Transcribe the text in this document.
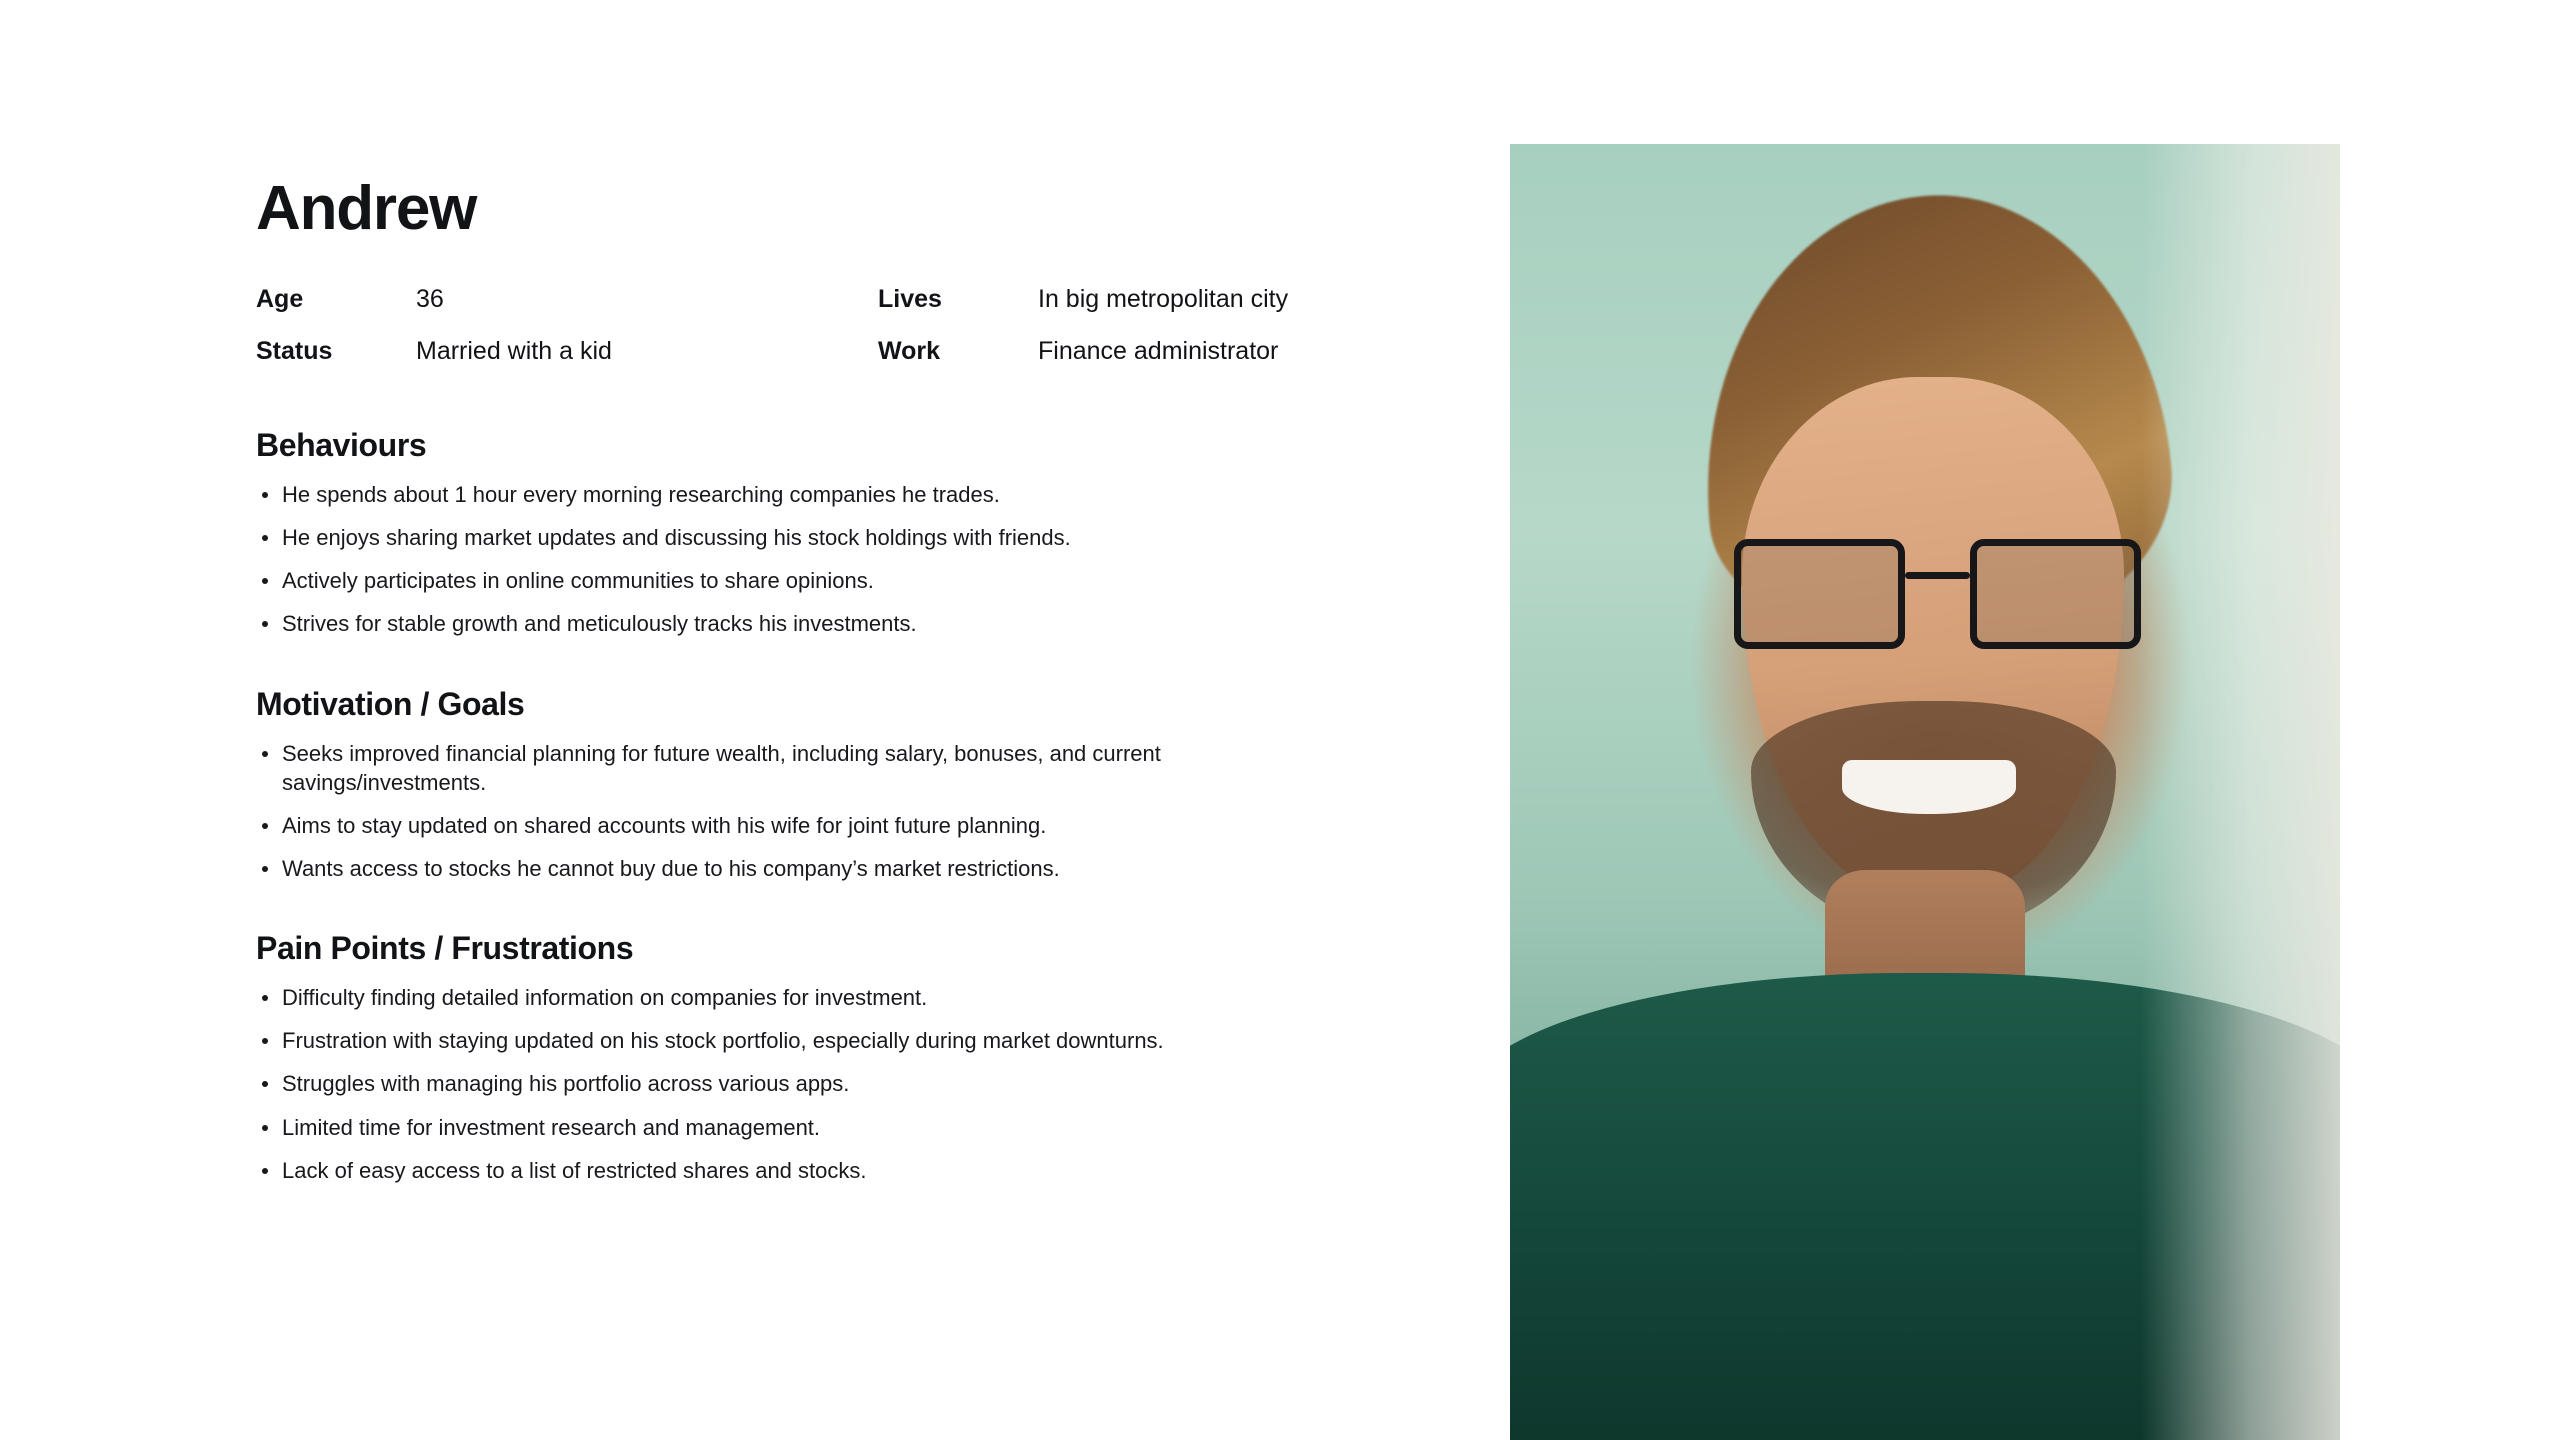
Andrew
Age	36	Lives	In big metropolitan city
Status	Married with a kid	Work	Finance administrator
Behaviours
He spends about 1 hour every morning researching companies he trades.
He enjoys sharing market updates and discussing his stock holdings with friends.
Actively participates in online communities to share opinions.
Strives for stable growth and meticulously tracks his investments.
Motivation / Goals
Seeks improved financial planning for future wealth, including salary, bonuses, and current savings/investments.
Aims to stay updated on shared accounts with his wife for joint future planning.
Wants access to stocks he cannot buy due to his company’s market restrictions.
Pain Points / Frustrations
Difficulty finding detailed information on companies for investment.
Frustration with staying updated on his stock portfolio, especially during market downturns.
Struggles with managing his portfolio across various apps.
Limited time for investment research and management.
Lack of easy access to a list of restricted shares and stocks.
